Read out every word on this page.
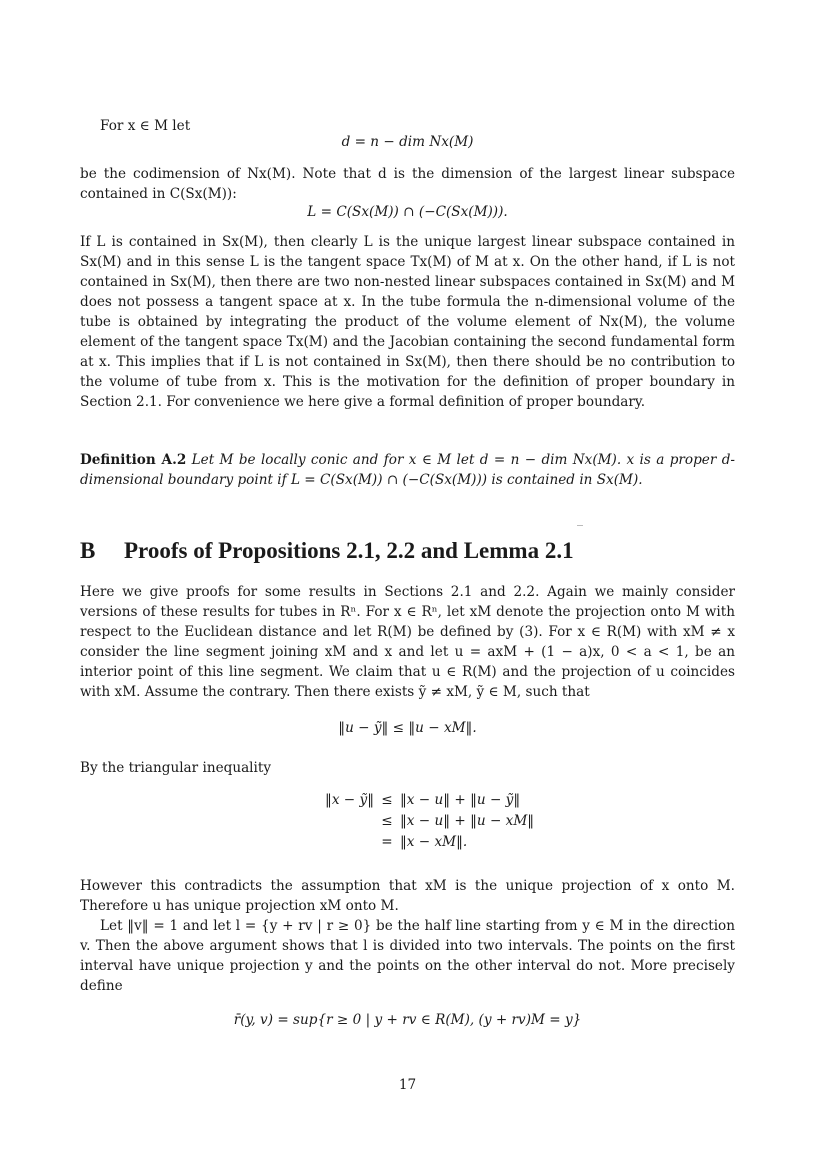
For x ∈ M let

d = n − dim Nx(M)

be the codimension of Nx(M). Note that d is the dimension of the largest linear subspace contained in C(Sx(M)):

L = C(Sx(M)) ∩ (−C(Sx(M))).

If L is contained in Sx(M), then clearly L is the unique largest linear subspace contained in Sx(M) and in this sense L is the tangent space Tx(M) of M at x. On the other hand, if L is not contained in Sx(M), then there are two non-nested linear subspaces contained in Sx(M) and M does not possess a tangent space at x. In the tube formula the n-dimensional volume of the tube is obtained by integrating the product of the volume element of Nx(M), the volume element of the tangent space Tx(M) and the Jacobian containing the second fundamental form at x. This implies that if L is not contained in Sx(M), then there should be no contribution to the volume of tube from x. This is the motivation for the definition of proper boundary in Section 2.1. For convenience we here give a formal definition of proper boundary.

Definition A.2 Let M be locally conic and for x ∈ M let d = n − dim Nx(M). x is a proper d-dimensional boundary point if L = C(Sx(M)) ∩ (−C(Sx(M))) is contained in Sx(M).

B Proofs of Propositions 2.1, 2.2 and Lemma 2.1

Here we give proofs for some results in Sections 2.1 and 2.2. Again we mainly consider versions of these results for tubes in Rⁿ. For x ∈ Rⁿ, let xM denote the projection onto M with respect to the Euclidean distance and let R(M) be defined by (3). For x ∈ R(M) with xM ≠ x consider the line segment joining xM and x and let u = axM + (1 − a)x, 0 < a < 1, be an interior point of this line segment. We claim that u ∈ R(M) and the projection of u coincides with xM. Assume the contrary. Then there exists ỹ ≠ xM, ỹ ∈ M, such that

‖u − ỹ‖ ≤ ‖u − xM‖.

By the triangular inequality

‖x − ỹ‖ ≤ ‖x − u‖ + ‖u − ỹ‖
≤ ‖x − u‖ + ‖u − xM‖
= ‖x − xM‖.

However this contradicts the assumption that xM is the unique projection of x onto M. Therefore u has unique projection xM onto M.

Let ‖v‖ = 1 and let l = {y + rv | r ≥ 0} be the half line starting from y ∈ M in the direction v. Then the above argument shows that l is divided into two intervals. The points on the first interval have unique projection y and the points on the other interval do not. More precisely define

r̄(y, v) = sup{r ≥ 0 | y + rv ∈ R(M), (y + rv)M = y}
17
